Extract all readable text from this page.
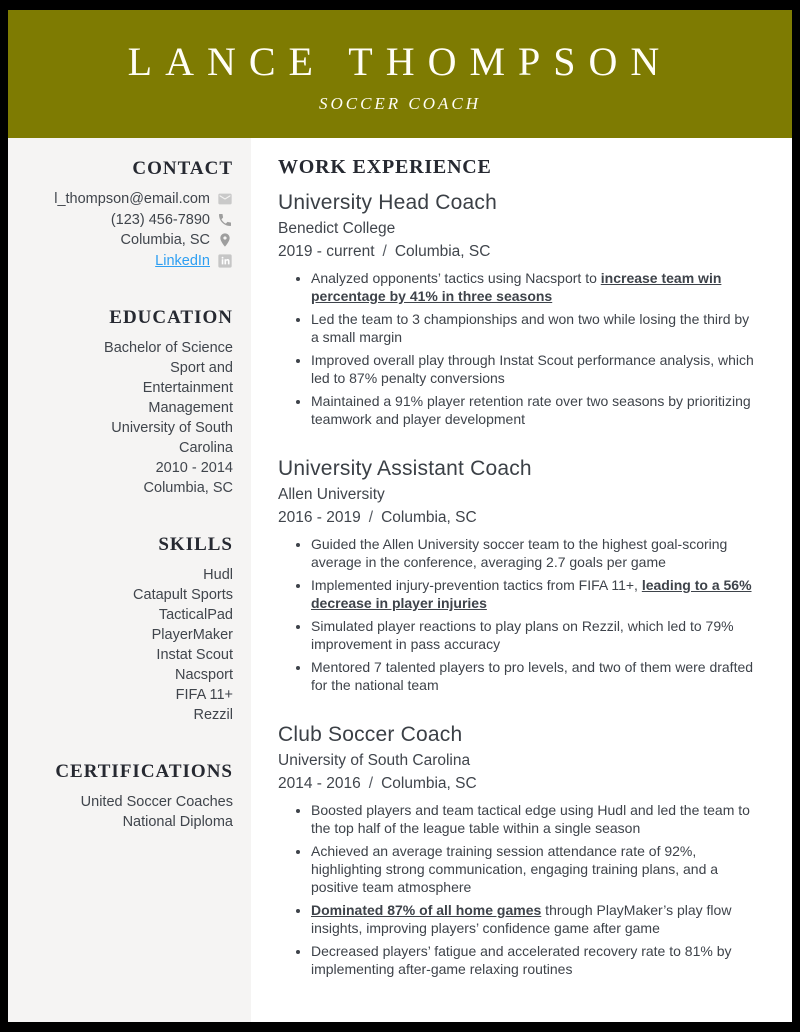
LANCE THOMPSON

SOCCER COACH

CONTACT
l_thompson@email.com
(123) 456-7890
Columbia, SC
LinkedIn
EDUCATION
Bachelor of Science
Sport and Entertainment Management
University of South Carolina
2010 - 2014
Columbia, SC
SKILLS
Hudl
Catapult Sports
TacticalPad
PlayerMaker
Instat Scout
Nacsport
FIFA 11+
Rezzil
CERTIFICATIONS
United Soccer Coaches National Diploma
WORK EXPERIENCE
University Head Coach
Benedict College
2019 - current / Columbia, SC
• Analyzed opponents’ tactics using Nacsport to increase team win percentage by 41% in three seasons
• Led the team to 3 championships and won two while losing the third by a small margin
• Improved overall play through Instat Scout performance analysis, which led to 87% penalty conversions
• Maintained a 91% player retention rate over two seasons by prioritizing teamwork and player development
University Assistant Coach
Allen University
2016 - 2019 / Columbia, SC
• Guided the Allen University soccer team to the highest goal-scoring average in the conference, averaging 2.7 goals per game
• Implemented injury-prevention tactics from FIFA 11+, leading to a 56% decrease in player injuries
• Simulated player reactions to play plans on Rezzil, which led to 79% improvement in pass accuracy
• Mentored 7 talented players to pro levels, and two of them were drafted for the national team
Club Soccer Coach
University of South Carolina
2014 - 2016 / Columbia, SC
• Boosted players and team tactical edge using Hudl and led the team to the top half of the league table within a single season
• Achieved an average training session attendance rate of 92%, highlighting strong communication, engaging training plans, and a positive team atmosphere
• Dominated 87% of all home games through PlayMaker’s play flow insights, improving players’ confidence game after game
• Decreased players’ fatigue and accelerated recovery rate to 81% by implementing after-game relaxing routines
